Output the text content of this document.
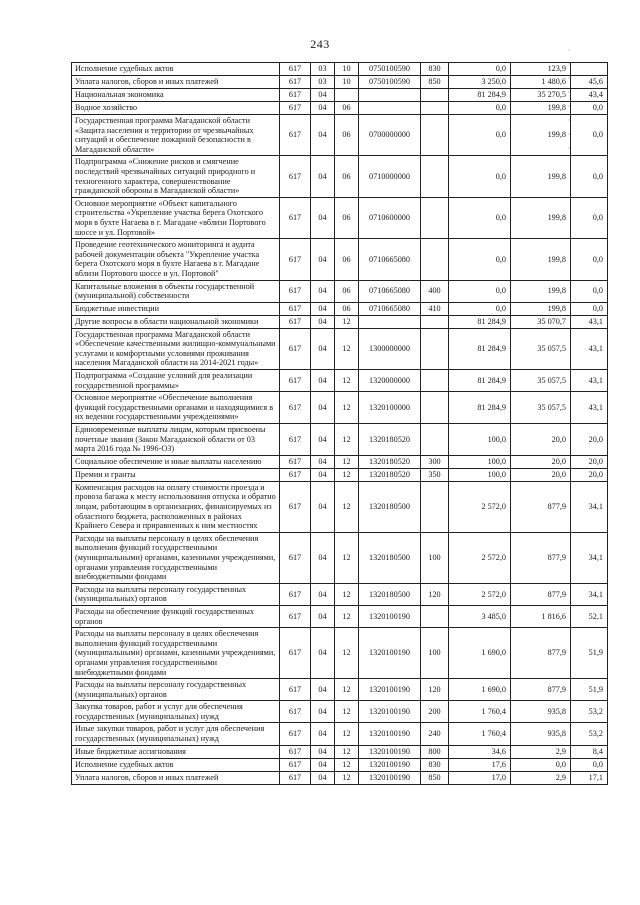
243	·
·
·
·
·
·
·
·
Исполнение судебных актов	617	03	10	0750100590	830	0,0	123,9	
Уплата налогов, сборов и иных платежей	617	03	10	0750100590	850	3 250,0	1 480,6	45,6
Национальная экономика	617	04				81 284,9	35 270,5	43,4
Водное хозяйство	617	04	06			0,0	199,8	0,0
Государственная программа Магаданской области «Защита населения и территории от чрезвычайных ситуаций и обеспечение пожарной безопасности в Магаданской области»	617	04	06	0700000000		0,0	199,8	0,0
Подпрограмма «Снижение рисков и смягчение последствий чрезвычайных ситуаций природного и техногенного характера, совершенствование гражданской обороны в Магаданской области»	617	04	06	0710000000		0,0	199,8	0,0
Основное мероприятие «Объект капитального строительства «Укрепление участка берега Охотского моря в бухте Нагаева в г. Магадане «вблизи Портового шоссе и ул. Портовой»	617	04	06	0710600000		0,0	199,8	0,0
Проведение геотехнического мониторинга и аудита рабочей документации объекта "Укрепление участка берега Охотского моря в бухте Нагаева в г. Магадане вблизи Портового шоссе и ул. Портовой"	617	04	06	0710665080		0,0	199,8	0,0
Капитальные вложения в объекты государственной (муниципальной) собственности	617	04	06	0710665080	400	0,0	199,8	0,0
Бюджетные инвестиции	617	04	06	0710665080	410	0,0	199,8	0,0
Другие вопросы в области национальной экономики	617	04	12			81 284,9	35 070,7	43,1
Государственная программа Магаданской области «Обеспечение качественными жилищно-коммунальными услугами и комфортными условиями проживания населения Магаданской области на 2014-2021 годы»	617	04	12	1300000000		81 284,9	35 057,5	43,1
Подпрограмма «Создание условий для реализации государственной программы»	617	04	12	1320000000		81 284,9	35 057,5	43,1
Основное мероприятие «Обеспечение выполнения функций государственными органами и находящимися в их ведении государственными учреждениями»	617	04	12	1320100000		81 284,9	35 057,5	43,1
Единовременные выплаты лицам, которым присвоены почетные звания (Закон Магаданской области от 03 марта 2016 года № 1996-ОЗ)	617	04	12	1320180520		100,0	20,0	20,0
Социальное обеспечение и иные выплаты населению	617	04	12	1320180520	300	100,0	20,0	20,0
Премии и гранты	617	04	12	1320180520	350	100,0	20,0	20,0
Компенсация расходов на оплату стоимости проезда и провоза багажа к месту использования отпуска и обратно лицам, работающим в организациях, финансируемых из областного бюджета, расположенных в районах Крайнего Севера и приравненных к ним местностях	617	04	12	1320180500		2 572,0	877,9	34,1
Расходы на выплаты персоналу в целях обеспечения выполнения функций государственными (муниципальными) органами, казенными учреждениями, органами управления государственными внебюджетными фондами	617	04	12	1320180500	100	2 572,0	877,9	34,1
Расходы на выплаты персоналу государственных (муниципальных) органов	617	04	12	1320180500	120	2 572,0	877,9	34,1
Расходы на обеспечение функций государственных органов	617	04	12	1320100190		3 485,0	1 816,6	52,1
Расходы на выплаты персоналу в целях обеспечения выполнения функций государственными (муниципальными) органами, казенными учреждениями, органами управления государственными внебюджетными фондами	617	04	12	1320100190	100	1 690,0	877,9	51,9
Расходы на выплаты персоналу государственных (муниципальных) органов	617	04	12	1320100190	120	1 690,0	877,9	51,9
Закупка товаров, работ и услуг для обеспечения государственных (муниципальных) нужд	617	04	12	1320100190	200	1 760,4	935,8	53,2
Иные закупки товаров, работ и услуг для обеспечения государственных (муниципальных) нужд	617	04	12	1320100190	240	1 760,4	935,8	53,2
Иные бюджетные ассигнования	617	04	12	1320100190	800	34,6	2,9	8,4
Исполнение судебных актов	617	04	12	1320100190	830	17,6	0,0	0,0
Уплата налогов, сборов и иных платежей	617	04	12	1320100190	850	17,0	2,9	17,1
